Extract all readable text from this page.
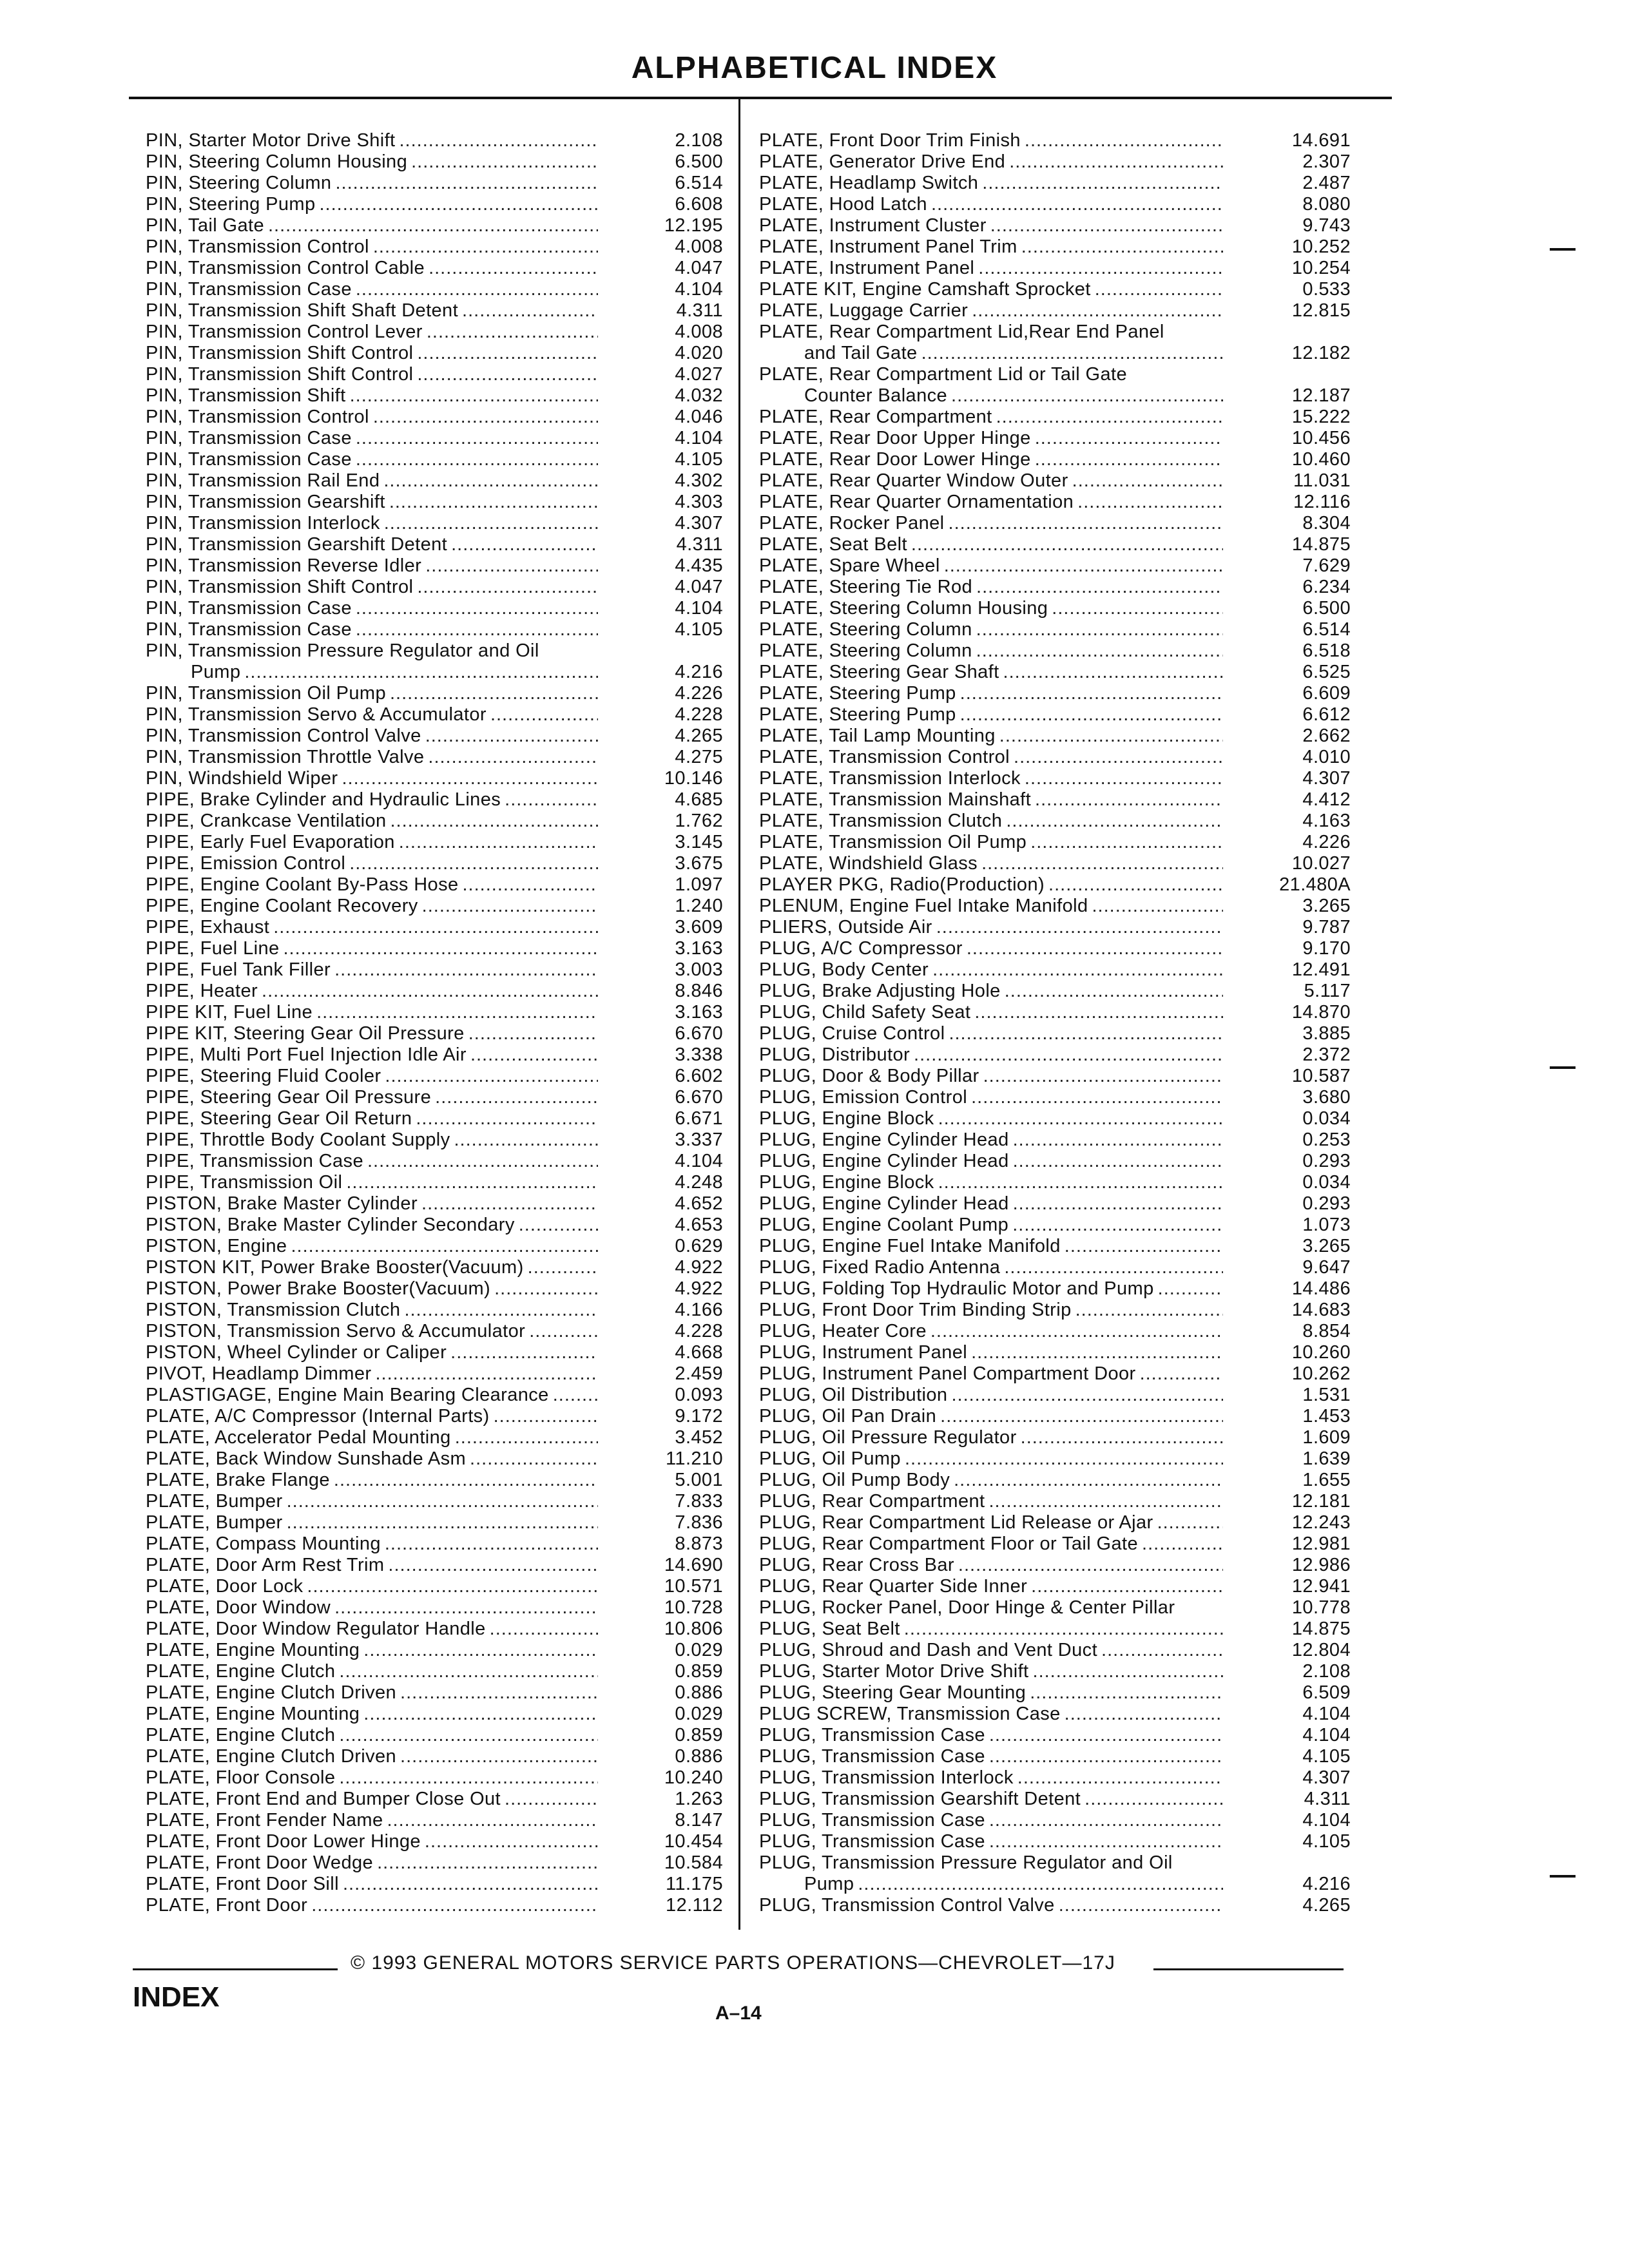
ALPHABETICAL INDEX
PIN, Starter Motor Drive Shift .....	2.108
PIN, Steering Column Housing .....	6.500
PIN, Steering Column .....	6.514
PIN, Steering Pump .....	6.608
PIN, Tail Gate .....	12.195
PIN, Transmission Control .....	4.008
PIN, Transmission Control Cable .....	4.047
PIN, Transmission Case .....	4.104
PIN, Transmission Shift Shaft Detent .....	4.311
PIN, Transmission Control Lever .....	4.008
PIN, Transmission Shift Control .....	4.020
PIN, Transmission Shift Control .....	4.027
PIN, Transmission Shift .....	4.032
PIN, Transmission Control .....	4.046
PIN, Transmission Case .....	4.104
PIN, Transmission Case .....	4.105
PIN, Transmission Rail End .....	4.302
PIN, Transmission Gearshift .....	4.303
PIN, Transmission Interlock .....	4.307
PIN, Transmission Gearshift Detent .....	4.311
PIN, Transmission Reverse Idler .....	4.435
PIN, Transmission Shift Control .....	4.047
PIN, Transmission Case .....	4.104
PIN, Transmission Case .....	4.105
PIN, Transmission Pressure Regulator and Oil
Pump .....	4.216
PIN, Transmission Oil Pump .....	4.226
PIN, Transmission Servo & Accumulator .....	4.228
PIN, Transmission Control Valve .....	4.265
PIN, Transmission Throttle Valve .....	4.275
PIN, Windshield Wiper .....	10.146
PIPE, Brake Cylinder and Hydraulic Lines .....	4.685
PIPE, Crankcase Ventilation .....	1.762
PIPE, Early Fuel Evaporation .....	3.145
PIPE, Emission Control .....	3.675
PIPE, Engine Coolant By-Pass Hose .....	1.097
PIPE, Engine Coolant Recovery .....	1.240
PIPE, Exhaust .....	3.609
PIPE, Fuel Line .....	3.163
PIPE, Fuel Tank Filler .....	3.003
PIPE, Heater .....	8.846
PIPE KIT, Fuel Line .....	3.163
PIPE KIT, Steering Gear Oil Pressure .....	6.670
PIPE, Multi Port Fuel Injection Idle Air .....	3.338
PIPE, Steering Fluid Cooler .....	6.602
PIPE, Steering Gear Oil Pressure .....	6.670
PIPE, Steering Gear Oil Return .....	6.671
PIPE, Throttle Body Coolant Supply .....	3.337
PIPE, Transmission Case .....	4.104
PIPE, Transmission Oil .....	4.248
PISTON, Brake Master Cylinder .....	4.652
PISTON, Brake Master Cylinder Secondary .....	4.653
PISTON, Engine .....	0.629
PISTON KIT, Power Brake Booster(Vacuum) .....	4.922
PISTON, Power Brake Booster(Vacuum) .....	4.922
PISTON, Transmission Clutch .....	4.166
PISTON, Transmission Servo & Accumulator .....	4.228
PISTON, Wheel Cylinder or Caliper .....	4.668
PIVOT, Headlamp Dimmer .....	2.459
PLASTIGAGE, Engine Main Bearing Clearance .....	0.093
PLATE, A/C Compressor (Internal Parts) .....	9.172
PLATE, Accelerator Pedal Mounting .....	3.452
PLATE, Back Window Sunshade Asm .....	11.210
PLATE, Brake Flange .....	5.001
PLATE, Bumper .....	7.833
PLATE, Bumper .....	7.836
PLATE, Compass Mounting .....	8.873
PLATE, Door Arm Rest Trim .....	14.690
PLATE, Door Lock .....	10.571
PLATE, Door Window .....	10.728
PLATE, Door Window Regulator Handle .....	10.806
PLATE, Engine Mounting .....	0.029
PLATE, Engine Clutch .....	0.859
PLATE, Engine Clutch Driven .....	0.886
PLATE, Engine Mounting .....	0.029
PLATE, Engine Clutch .....	0.859
PLATE, Engine Clutch Driven .....	0.886
PLATE, Floor Console .....	10.240
PLATE, Front End and Bumper Close Out .....	1.263
PLATE, Front Fender Name .....	8.147
PLATE, Front Door Lower Hinge .....	10.454
PLATE, Front Door Wedge .....	10.584
PLATE, Front Door Sill .....	11.175
PLATE, Front Door .....	12.112
PLATE, Front Door Trim Finish .....	14.691
PLATE, Generator Drive End .....	2.307
PLATE, Headlamp Switch .....	2.487
PLATE, Hood Latch .....	8.080
PLATE, Instrument Cluster .....	9.743
PLATE, Instrument Panel Trim .....	10.252
PLATE, Instrument Panel .....	10.254
PLATE KIT, Engine Camshaft Sprocket .....	0.533
PLATE, Luggage Carrier .....	12.815
PLATE, Rear Compartment Lid,Rear End Panel
and Tail Gate .....	12.182
PLATE, Rear Compartment Lid or Tail Gate
Counter Balance .....	12.187
PLATE, Rear Compartment .....	15.222
PLATE, Rear Door Upper Hinge .....	10.456
PLATE, Rear Door Lower Hinge .....	10.460
PLATE, Rear Quarter Window Outer .....	11.031
PLATE, Rear Quarter Ornamentation .....	12.116
PLATE, Rocker Panel .....	8.304
PLATE, Seat Belt .....	14.875
PLATE, Spare Wheel .....	7.629
PLATE, Steering Tie Rod .....	6.234
PLATE, Steering Column Housing .....	6.500
PLATE, Steering Column .....	6.514
PLATE, Steering Column .....	6.518
PLATE, Steering Gear Shaft .....	6.525
PLATE, Steering Pump .....	6.609
PLATE, Steering Pump .....	6.612
PLATE, Tail Lamp Mounting .....	2.662
PLATE, Transmission Control .....	4.010
PLATE, Transmission Interlock .....	4.307
PLATE, Transmission Mainshaft .....	4.412
PLATE, Transmission Clutch .....	4.163
PLATE, Transmission Oil Pump .....	4.226
PLATE, Windshield Glass .....	10.027
PLAYER PKG, Radio(Production) .....	21.480A
PLENUM, Engine Fuel Intake Manifold .....	3.265
PLIERS, Outside Air .....	9.787
PLUG, A/C Compressor .....	9.170
PLUG, Body Center .....	12.491
PLUG, Brake Adjusting Hole .....	5.117
PLUG, Child Safety Seat .....	14.870
PLUG, Cruise Control .....	3.885
PLUG, Distributor .....	2.372
PLUG, Door & Body Pillar .....	10.587
PLUG, Emission Control .....	3.680
PLUG, Engine Block .....	0.034
PLUG, Engine Cylinder Head .....	0.253
PLUG, Engine Cylinder Head .....	0.293
PLUG, Engine Block .....	0.034
PLUG, Engine Cylinder Head .....	0.293
PLUG, Engine Coolant Pump .....	1.073
PLUG, Engine Fuel Intake Manifold .....	3.265
PLUG, Fixed Radio Antenna .....	9.647
PLUG, Folding Top Hydraulic Motor and Pump .....	14.486
PLUG, Front Door Trim Binding Strip .....	14.683
PLUG, Heater Core .....	8.854
PLUG, Instrument Panel .....	10.260
PLUG, Instrument Panel Compartment Door .....	10.262
PLUG, Oil Distribution .....	1.531
PLUG, Oil Pan Drain .....	1.453
PLUG, Oil Pressure Regulator .....	1.609
PLUG, Oil Pump .....	1.639
PLUG, Oil Pump Body .....	1.655
PLUG, Rear Compartment .....	12.181
PLUG, Rear Compartment Lid Release or Ajar .....	12.243
PLUG, Rear Compartment Floor or Tail Gate .....	12.981
PLUG, Rear Cross Bar .....	12.986
PLUG, Rear Quarter Side Inner .....	12.941
PLUG, Rocker Panel, Door Hinge & Center Pillar	10.778
PLUG, Seat Belt .....	14.875
PLUG, Shroud and Dash and Vent Duct .....	12.804
PLUG, Starter Motor Drive Shift .....	2.108
PLUG, Steering Gear Mounting .....	6.509
PLUG SCREW, Transmission Case .....	4.104
PLUG, Transmission Case .....	4.104
PLUG, Transmission Case .....	4.105
PLUG, Transmission Interlock .....	4.307
PLUG, Transmission Gearshift Detent .....	4.311
PLUG, Transmission Case .....	4.104
PLUG, Transmission Case .....	4.105
PLUG, Transmission Pressure Regulator and Oil
Pump .....	4.216
PLUG, Transmission Control Valve .....	4.265
© 1993 GENERAL MOTORS SERVICE PARTS OPERATIONS—CHEVROLET—17J
INDEX
A–14
